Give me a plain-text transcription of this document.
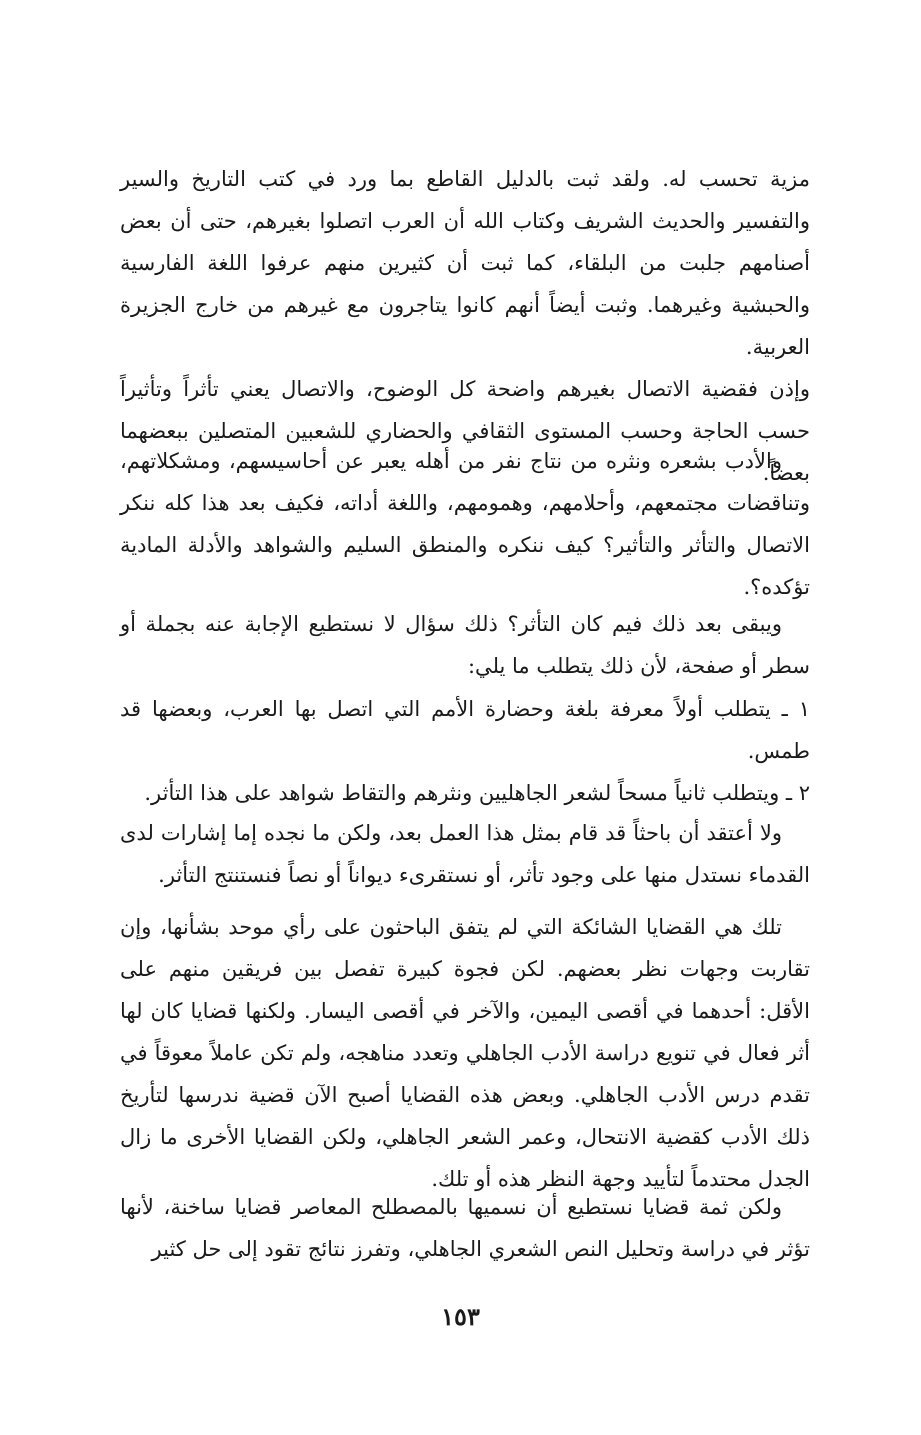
مزية تحسب له. ولقد ثبت بالدليل القاطع بما ورد في كتب التاريخ والسير والتفسير والحديث الشريف وكتاب الله أن العرب اتصلوا بغيرهم، حتى أن بعض أصنامهم جلبت من البلقاء، كما ثبت أن كثيرين منهم عرفوا اللغة الفارسية والحبشية وغيرهما. وثبت أيضاً أنهم كانوا يتاجرون مع غيرهم من خارج الجزيرة العربية.

وإذن فقضية الاتصال بغيرهم واضحة كل الوضوح، والاتصال يعني تأثراً وتأثيراً حسب الحاجة وحسب المستوى الثقافي والحضاري للشعبين المتصلين ببعضهما بعضاً.

والأدب بشعره ونثره من نتاج نفر من أهله يعبر عن أحاسيسهم، ومشكلاتهم، وتناقضات مجتمعهم، وأحلامهم، وهمومهم، واللغة أداته، فكيف بعد هذا كله ننكر الاتصال والتأثر والتأثير؟ كيف ننكره والمنطق السليم والشواهد والأدلة المادية تؤكده؟.

ويبقى بعد ذلك فيم كان التأثر؟ ذلك سؤال لا نستطيع الإجابة عنه بجملة أو سطر أو صفحة، لأن ذلك يتطلب ما يلي:

١ ـ يتطلب أولاً معرفة بلغة وحضارة الأمم التي اتصل بها العرب، وبعضها قد طمس.

٢ ـ ويتطلب ثانياً مسحاً لشعر الجاهليين ونثرهم والتقاط شواهد على هذا التأثر.

ولا أعتقد أن باحثاً قد قام بمثل هذا العمل بعد، ولكن ما نجده إما إشارات لدى القدماء نستدل منها على وجود تأثر، أو نستقرىء ديواناً أو نصاً فنستنتج التأثر.

تلك هي القضايا الشائكة التي لم يتفق الباحثون على رأي موحد بشأنها، وإن تقاربت وجهات نظر بعضهم. لكن فجوة كبيرة تفصل بين فريقين منهم على الأقل: أحدهما في أقصى اليمين، والآخر في أقصى اليسار. ولكنها قضايا كان لها أثر فعال في تنويع دراسة الأدب الجاهلي وتعدد مناهجه، ولم تكن عاملاً معوقاً في تقدم درس الأدب الجاهلي. وبعض هذه القضايا أصبح الآن قضية ندرسها لتأريخ ذلك الأدب كقضية الانتحال، وعمر الشعر الجاهلي، ولكن القضايا الأخرى ما زال الجدل محتدماً لتأييد وجهة النظر هذه أو تلك.

ولكن ثمة قضايا نستطيع أن نسميها بالمصطلح المعاصر قضايا ساخنة، لأنها تؤثر في دراسة وتحليل النص الشعري الجاهلي، وتفرز نتائج تقود إلى حل كثير

١٥٣
